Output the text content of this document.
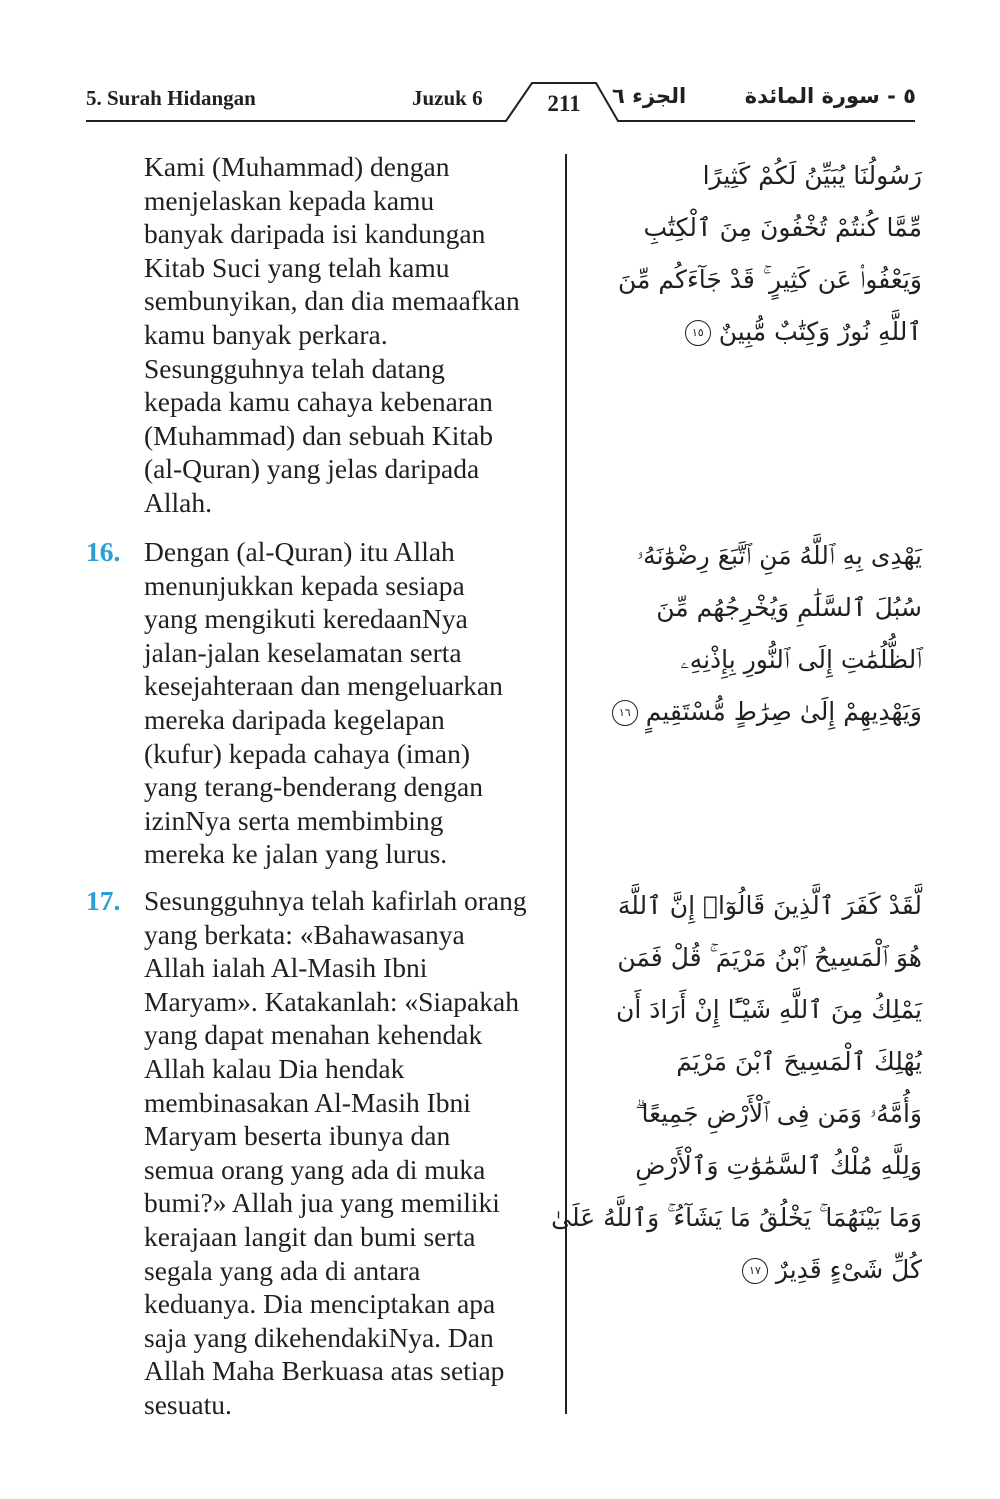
5. Surah Hidangan	Juzuk 6	211	الجزء ٦	٥ - سورة المائدة
Kami (Muhammad) dengan
menjelaskan kepada kamu
banyak daripada isi kandungan
Kitab Suci yang telah kamu
sembunyikan, dan dia memaafkan
kamu banyak perkara.
Sesungguhnya telah datang
kepada kamu cahaya kebenaran
(Muhammad) dan sebuah Kitab
(al-Quran) yang jelas daripada
Allah.
16. Dengan (al-Quran) itu Allah
menunjukkan kepada sesiapa
yang mengikuti keredaanNya
jalan-jalan keselamatan serta
kesejahteraan dan mengeluarkan
mereka daripada kegelapan
(kufur) kepada cahaya (iman)
yang terang-benderang dengan
izinNya serta membimbing
mereka ke jalan yang lurus.
17. Sesungguhnya telah kafirlah orang
yang berkata: «Bahawasanya
Allah ialah Al-Masih Ibni
Maryam». Katakanlah: «Siapakah
yang dapat menahan kehendak
Allah kalau Dia hendak
membinasakan Al-Masih Ibni
Maryam beserta ibunya dan
semua orang yang ada di muka
bumi?» Allah jua yang memiliki
kerajaan langit dan bumi serta
segala yang ada di antara
keduanya. Dia menciptakan apa
saja yang dikehendakiNya. Dan
Allah Maha Berkuasa atas setiap
sesuatu.
رَسُولُنَا يُبَيِّنُ لَكُمْ كَثِيرًا
مِّمَّا كُنتُمْ تُخْفُونَ مِنَ ٱلْكِتَٰبِ
وَيَعْفُوا۟ عَن كَثِيرٍ ۚ قَدْ جَآءَكُم مِّنَ
ٱللَّهِ نُورٌ وَكِتَٰبٌ مُّبِينٌ ١٥
يَهْدِى بِهِ ٱللَّهُ مَنِ ٱتَّبَعَ رِضْوَٰنَهُۥ
سُبُلَ ٱلسَّلَٰمِ وَيُخْرِجُهُم مِّنَ
ٱلظُّلُمَٰتِ إِلَى ٱلنُّورِ بِإِذْنِهِۦ
وَيَهْدِيهِمْ إِلَىٰ صِرَٰطٍ مُّسْتَقِيمٍ ١٦
لَّقَدْ كَفَرَ ٱلَّذِينَ قَالُوٓا۟ إِنَّ ٱللَّهَ
هُوَ ٱلْمَسِيحُ ٱبْنُ مَرْيَمَ ۚ قُلْ فَمَن
يَمْلِكُ مِنَ ٱللَّهِ شَيْـًٔا إِنْ أَرَادَ أَن
يُهْلِكَ ٱلْمَسِيحَ ٱبْنَ مَرْيَمَ
وَأُمَّهُۥ وَمَن فِى ٱلْأَرْضِ جَمِيعًا ۗ
وَلِلَّهِ مُلْكُ ٱلسَّمَٰوَٰتِ وَٱلْأَرْضِ
وَمَا بَيْنَهُمَا ۚ يَخْلُقُ مَا يَشَآءُ ۚ وَٱللَّهُ عَلَىٰ
كُلِّ شَىْءٍ قَدِيرٌ ١٧
